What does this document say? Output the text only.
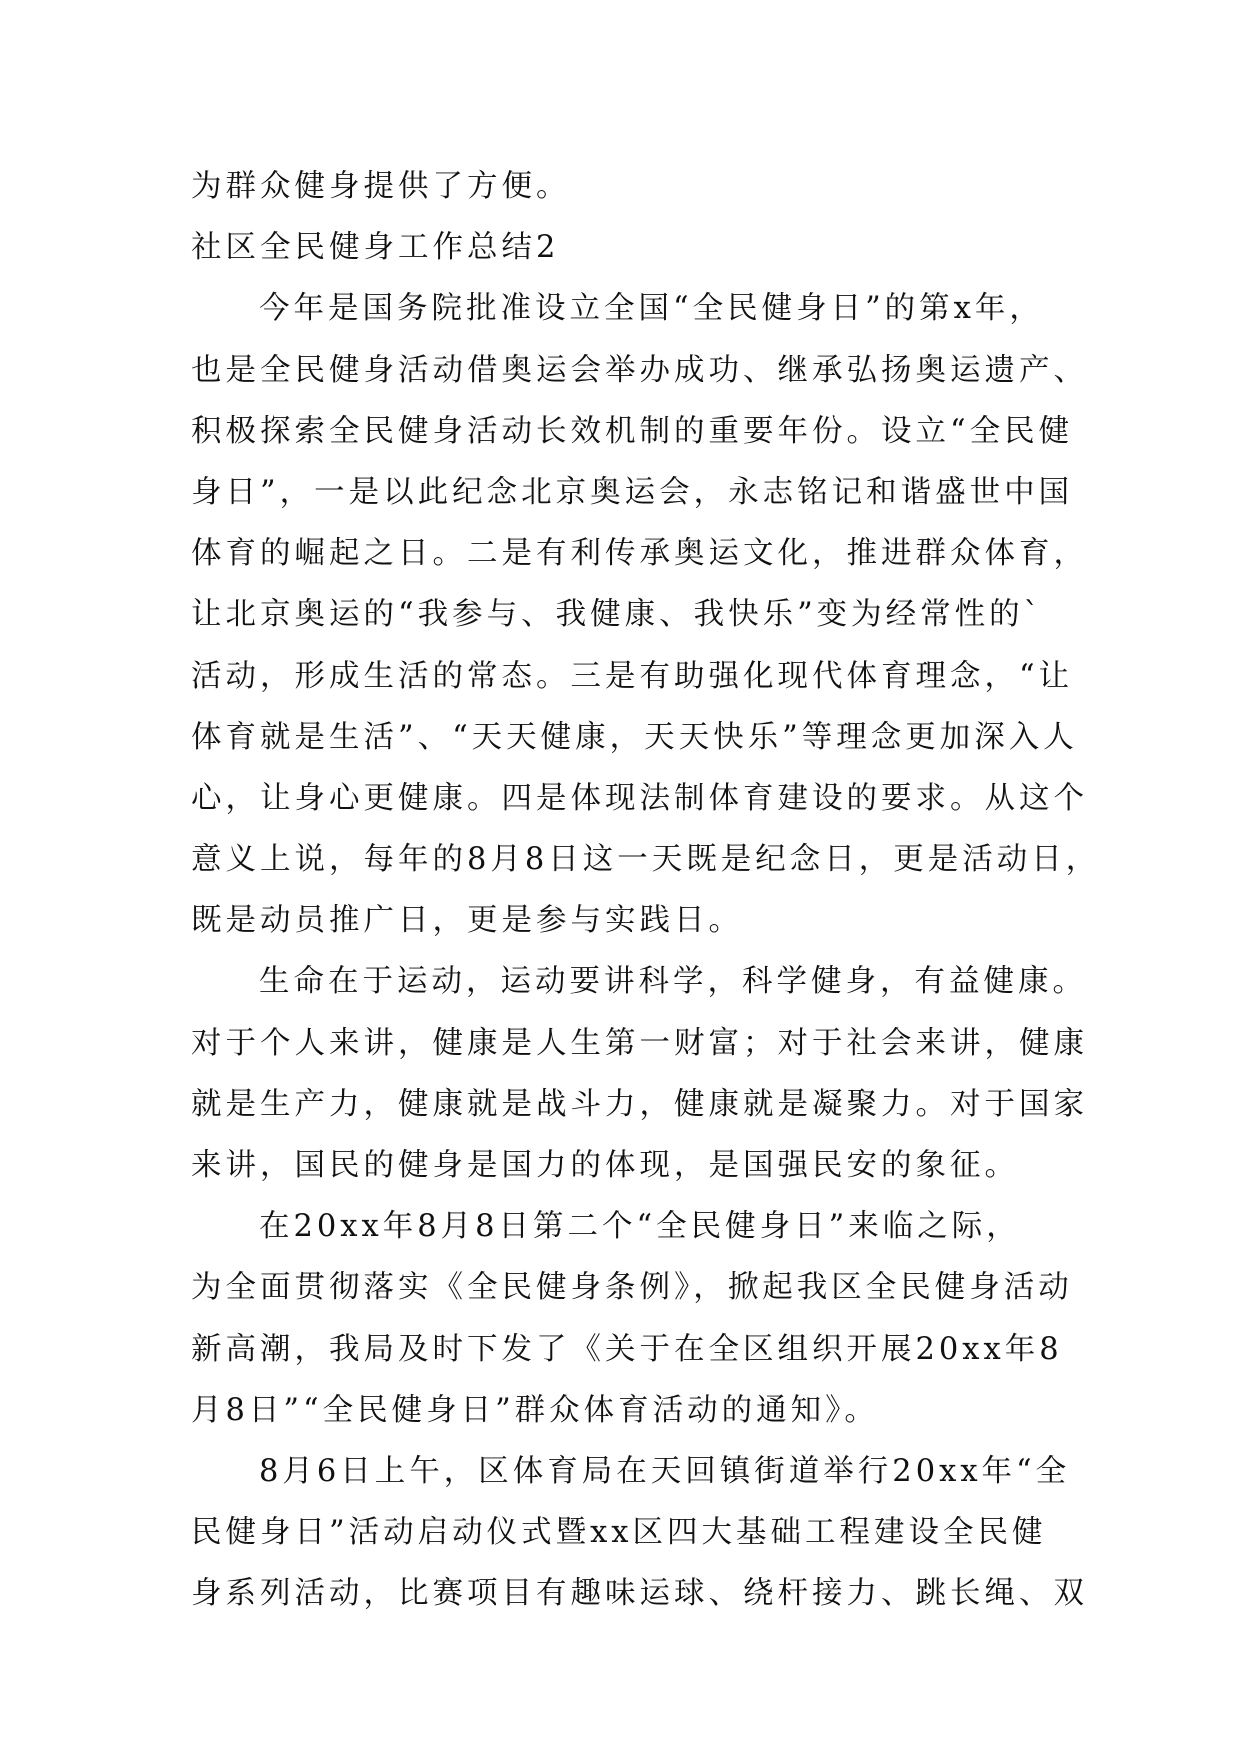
为群众健身提供了方便。
社区全民健身工作总结2
今年是国务院批准设立全国“全民健身日”的第x年，
也是全民健身活动借奥运会举办成功、继承弘扬奥运遗产、
积极探索全民健身活动长效机制的重要年份。设立“全民健
身日”，一是以此纪念北京奥运会，永志铭记和谐盛世中国
体育的崛起之日。二是有利传承奥运文化，推进群众体育，
让北京奥运的“我参与、我健康、我快乐”变为经常性的`
活动，形成生活的常态。三是有助强化现代体育理念，“让
体育就是生活”、“天天健康，天天快乐”等理念更加深入人
心，让身心更健康。四是体现法制体育建设的要求。从这个
意义上说，每年的8月8日这一天既是纪念日，更是活动日，
既是动员推广日，更是参与实践日。
生命在于运动，运动要讲科学，科学健身，有益健康。
对于个人来讲，健康是人生第一财富；对于社会来讲，健康
就是生产力，健康就是战斗力，健康就是凝聚力。对于国家
来讲，国民的健身是国力的体现，是国强民安的象征。
在20xx年8月8日第二个“全民健身日”来临之际，
为全面贯彻落实《全民健身条例》，掀起我区全民健身活动
新高潮，我局及时下发了《关于在全区组织开展20xx年8
月8日”“全民健身日”群众体育活动的通知》。
8月6日上午，区体育局在天回镇街道举行20xx年“全
民健身日”活动启动仪式暨xx区四大基础工程建设全民健
身系列活动，比赛项目有趣味运球、绕杆接力、跳长绳、双
